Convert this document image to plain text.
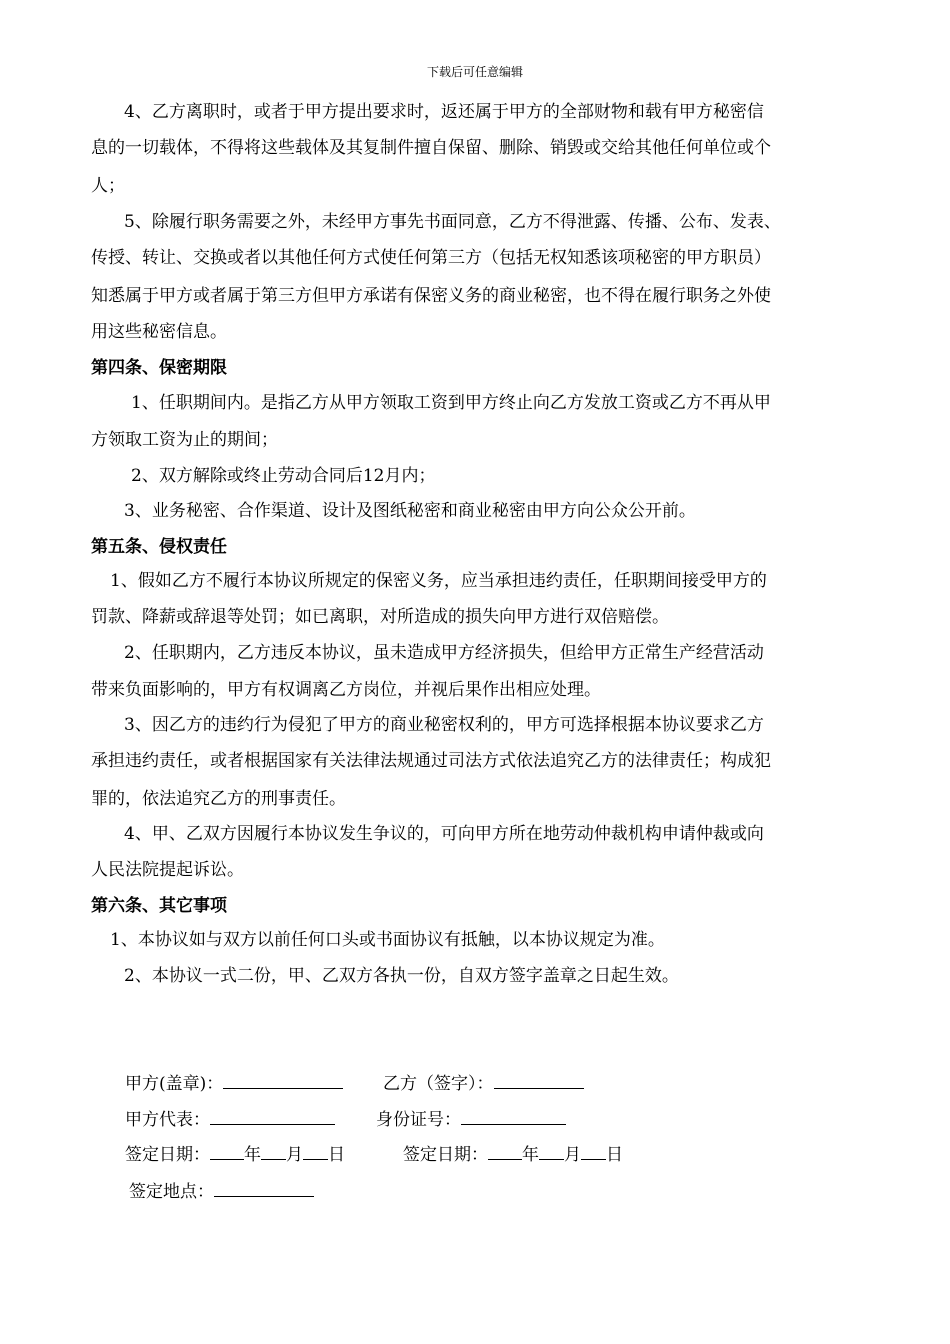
下载后可任意编辑
4、乙方离职时，或者于甲方提出要求时，返还属于甲方的全部财物和载有甲方秘密信
息的一切载体，不得将这些载体及其复制件擅自保留、删除、销毁或交给其他任何单位或个
人；
5、除履行职务需要之外，未经甲方事先书面同意，乙方不得泄露、传播、公布、发表、
传授、转让、交换或者以其他任何方式使任何第三方（包括无权知悉该项秘密的甲方职员）
知悉属于甲方或者属于第三方但甲方承诺有保密义务的商业秘密，也不得在履行职务之外使
用这些秘密信息。
第四条、保密期限
1、任职期间内。是指乙方从甲方领取工资到甲方终止向乙方发放工资或乙方不再从甲
方领取工资为止的期间；
2、双方解除或终止劳动合同后12月内；
3、业务秘密、合作渠道、设计及图纸秘密和商业秘密由甲方向公众公开前。
第五条、侵权责任
1、假如乙方不履行本协议所规定的保密义务，应当承担违约责任，任职期间接受甲方的
罚款、降薪或辞退等处罚；如已离职，对所造成的损失向甲方进行双倍赔偿。
2、任职期内，乙方违反本协议，虽未造成甲方经济损失，但给甲方正常生产经营活动
带来负面影响的，甲方有权调离乙方岗位，并视后果作出相应处理。
3、因乙方的违约行为侵犯了甲方的商业秘密权利的，甲方可选择根据本协议要求乙方
承担违约责任，或者根据国家有关法律法规通过司法方式依法追究乙方的法律责任；构成犯
罪的，依法追究乙方的刑事责任。
4、甲、乙双方因履行本协议发生争议的，可向甲方所在地劳动仲裁机构申请仲裁或向
人民法院提起诉讼。
第六条、其它事项
1、本协议如与双方以前任何口头或书面协议有抵触，以本协议规定为准。
2、本协议一式二份，甲、乙双方各执一份，自双方签字盖章之日起生效。
甲方(盖章)：	乙方（签字）：
甲方代表：	身份证号：
签定日期： 年 月 日	签定日期： 年 月 日
签定地点：
